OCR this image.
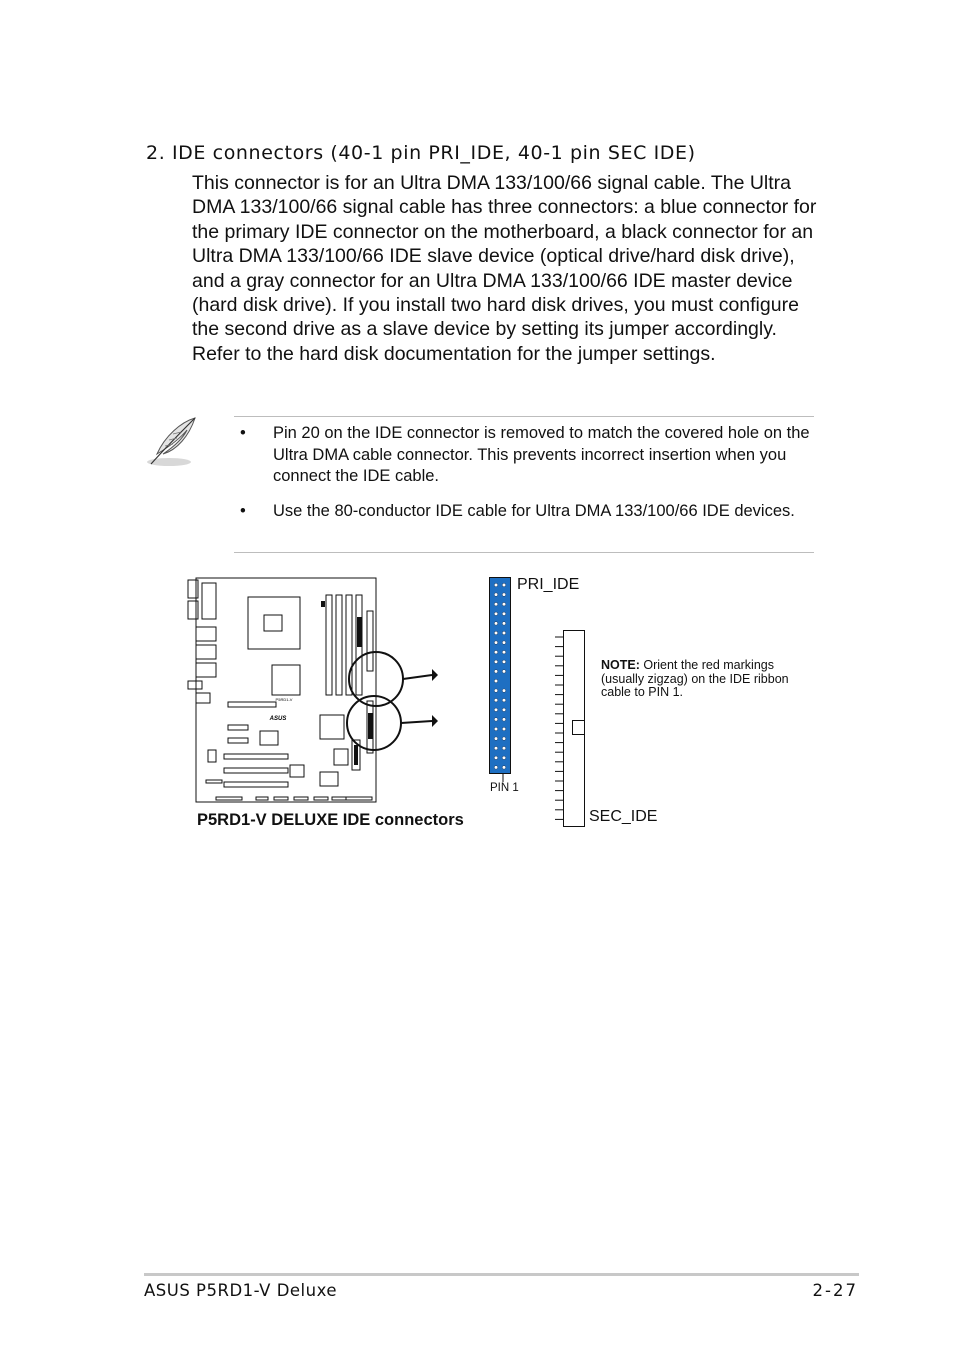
2. IDE connectors (40-1 pin PRI_IDE, 40-1 pin SEC IDE)
This connector is for an Ultra DMA 133/100/66 signal cable. The Ultra DMA 133/100/66 signal cable has three connectors: a blue connector for the primary IDE connector on the motherboard, a black connector for an Ultra DMA 133/100/66 IDE slave device (optical drive/hard disk drive), and a gray connector for an Ultra DMA 133/100/66 IDE master device (hard disk drive). If you install two hard disk drives, you must configure the second drive as a slave device by setting its jumper accordingly. Refer to the hard disk documentation for the jumper settings.
• Pin 20 on the IDE connector is removed to match the covered hole on the Ultra DMA cable connector. This prevents incorrect insertion when you connect the IDE cable.
• Use the 80-conductor IDE cable for Ultra DMA 133/100/66 IDE devices.
P5RD1-V
ASUS
P5RD1-V DELUXE IDE connectors
PRI_IDE
PIN 1
SEC_IDE
NOTE: Orient the red markings (usually zigzag) on the IDE ribbon cable to PIN 1.
ASUS P5RD1-V Deluxe	2-27
